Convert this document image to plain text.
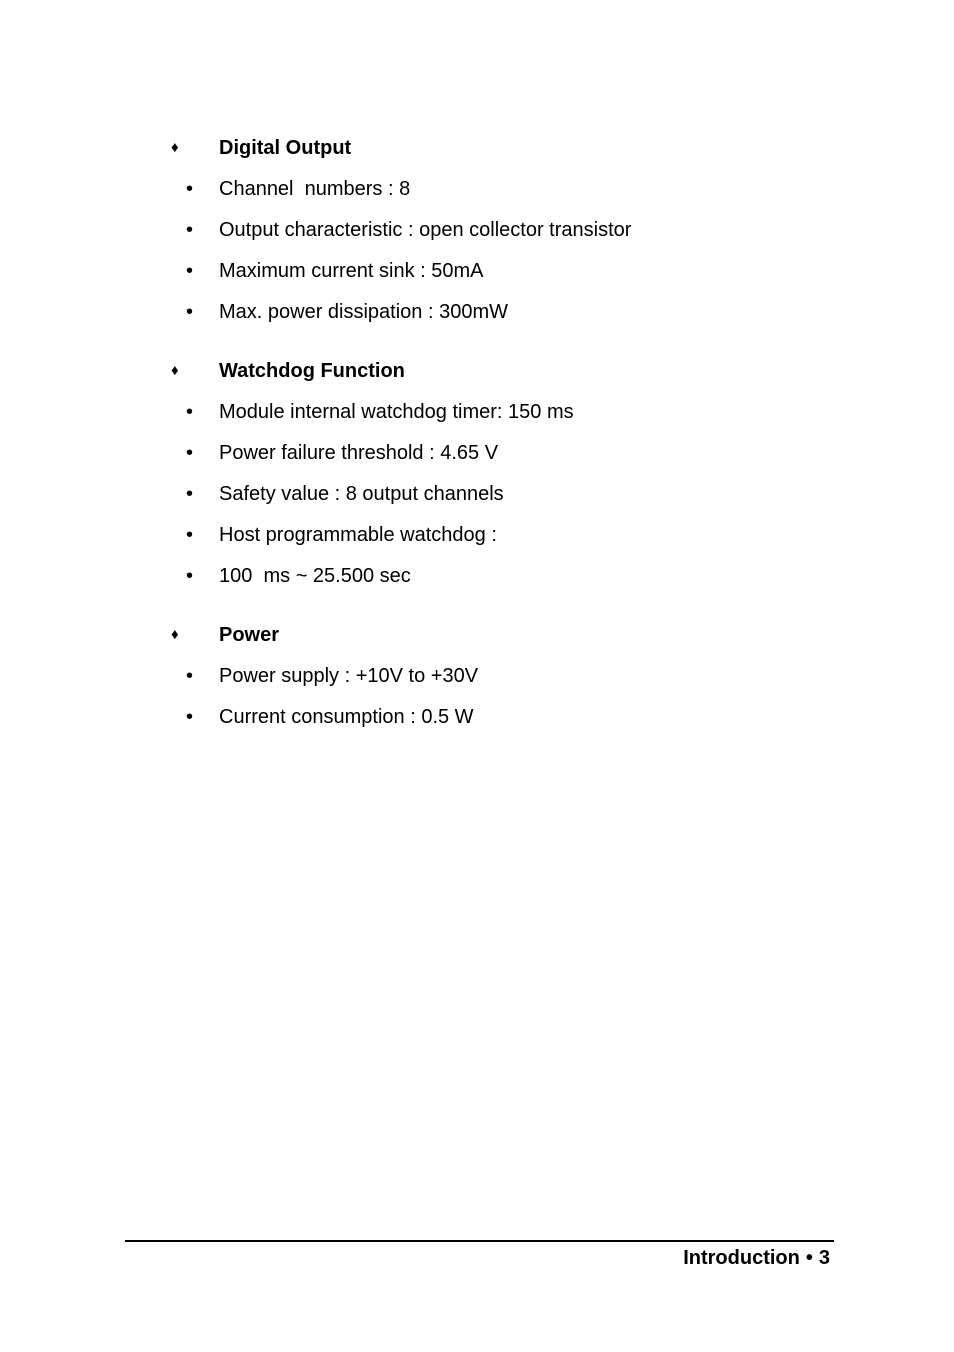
♦ Digital Output
• Channel  numbers : 8
• Output characteristic : open collector transistor
• Maximum current sink : 50mA
• Max. power dissipation : 300mW
♦ Watchdog Function
• Module internal watchdog timer: 150 ms
• Power failure threshold : 4.65 V
• Safety value : 8 output channels
• Host programmable watchdog :
• 100  ms ~ 25.500 sec
♦ Power
• Power supply : +10V to +30V
• Current consumption : 0.5 W
Introduction • 3
